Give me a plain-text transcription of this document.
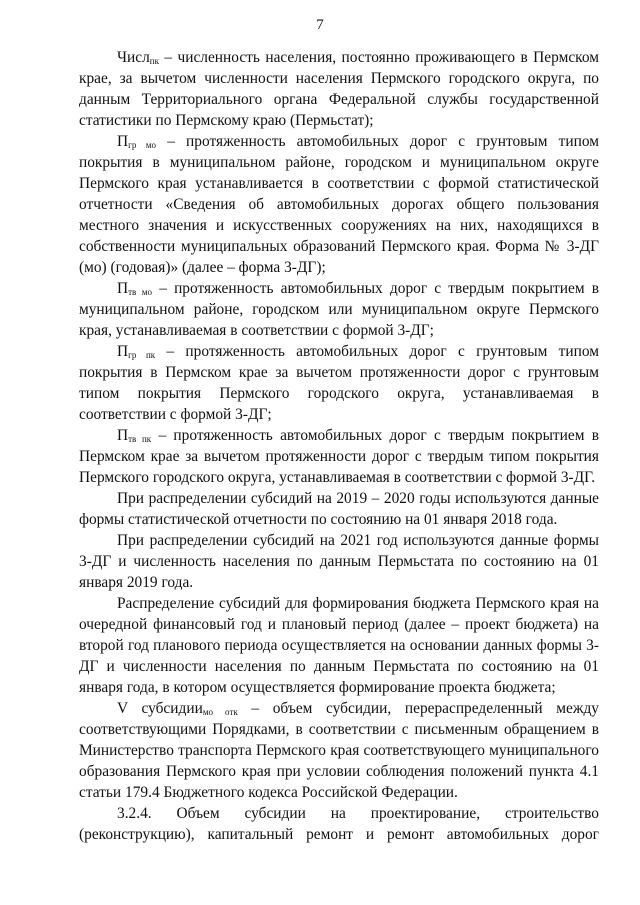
7

Числ$_{пк}$ – численность населения, постоянно проживающего в Пермском крае, за вычетом численности населения Пермского городского округа, по данным Территориального органа Федеральной службы государственной статистики по Пермскому краю (Пермьстат);

$П_{гр мо}$ – протяженность автомобильных дорог с грунтовым типом покрытия в муниципальном районе, городском и муниципальном округе Пермского края устанавливается в соответствии с формой статистической отчетности «Сведения об автомобильных дорогах общего пользования местного значения и искусственных сооружениях на них, находящихся в собственности муниципальных образований Пермского края. Форма № 3-ДГ (мо) (годовая)» (далее – форма 3-ДГ);

$П_{тв мо}$ – протяженность автомобильных дорог с твердым покрытием в муниципальном районе, городском или муниципальном округе Пермского края, устанавливаемая в соответствии с формой 3-ДГ;

$П_{гр пк}$ – протяженность автомобильных дорог с грунтовым типом покрытия в Пермском крае за вычетом протяженности дорог с грунтовым типом покрытия Пермского городского округа, устанавливаемая в соответствии с формой 3-ДГ;

$П_{тв пк}$ – протяженность автомобильных дорог с твердым покрытием в Пермском крае за вычетом протяженности дорог с твердым типом покрытия Пермского городского округа, устанавливаемая в соответствии с формой 3-ДГ.

При распределении субсидий на 2019 – 2020 годы используются данные формы статистической отчетности по состоянию на 01 января 2018 года.

При распределении субсидий на 2021 год используются данные формы 3-ДГ и численность населения по данным Пермьстата по состоянию на 01 января 2019 года.

Распределение субсидий для формирования бюджета Пермского края на очередной финансовый год и плановый период (далее – проект бюджета) на второй год планового периода осуществляется на основании данных формы 3-ДГ и численности населения по данным Пермьстата по состоянию на 01 января года, в котором осуществляется формирование проекта бюджета;

V субсидии$_{мо отк}$ – объем субсидии, перераспределенный между соответствующими Порядками, в соответствии с письменным обращением в Министерство транспорта Пермского края соответствующего муниципального образования Пермского края при условии соблюдения положений пункта 4.1 статьи 179.4 Бюджетного кодекса Российской Федерации.

3.2.4. Объем субсидии на проектирование, строительство (реконструкцию), капитальный ремонт и ремонт автомобильных дорог
